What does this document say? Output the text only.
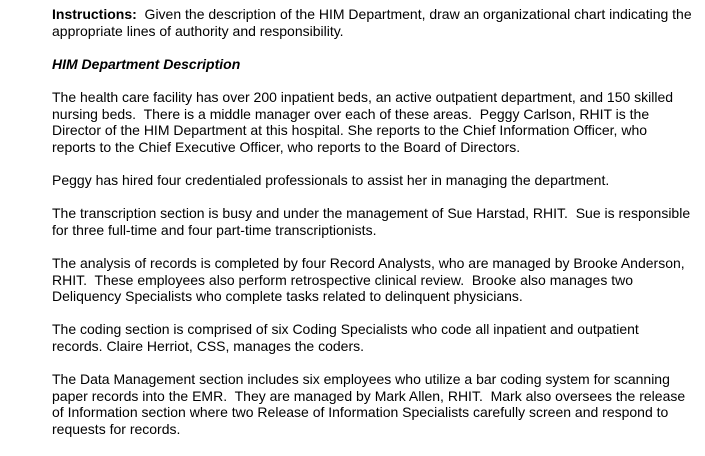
Instructions:  Given the description of the HIM Department, draw an organizational chart indicating the appropriate lines of authority and responsibility.

HIM Department Description

The health care facility has over 200 inpatient beds, an active outpatient department, and 150 skilled nursing beds.  There is a middle manager over each of these areas.  Peggy Carlson, RHIT is the Director of the HIM Department at this hospital. She reports to the Chief Information Officer, who reports to the Chief Executive Officer, who reports to the Board of Directors.

Peggy has hired four credentialed professionals to assist her in managing the department.

The transcription section is busy and under the management of Sue Harstad, RHIT.  Sue is responsible for three full-time and four part-time transcriptionists.

The analysis of records is completed by four Record Analysts, who are managed by Brooke Anderson, RHIT.  These employees also perform retrospective clinical review.  Brooke also manages two Deliquency Specialists who complete tasks related to delinquent physicians.

The coding section is comprised of six Coding Specialists who code all inpatient and outpatient records. Claire Herriot, CSS, manages the coders.

The Data Management section includes six employees who utilize a bar coding system for scanning paper records into the EMR.  They are managed by Mark Allen, RHIT.  Mark also oversees the release of Information section where two Release of Information Specialists carefully screen and respond to requests for records.
